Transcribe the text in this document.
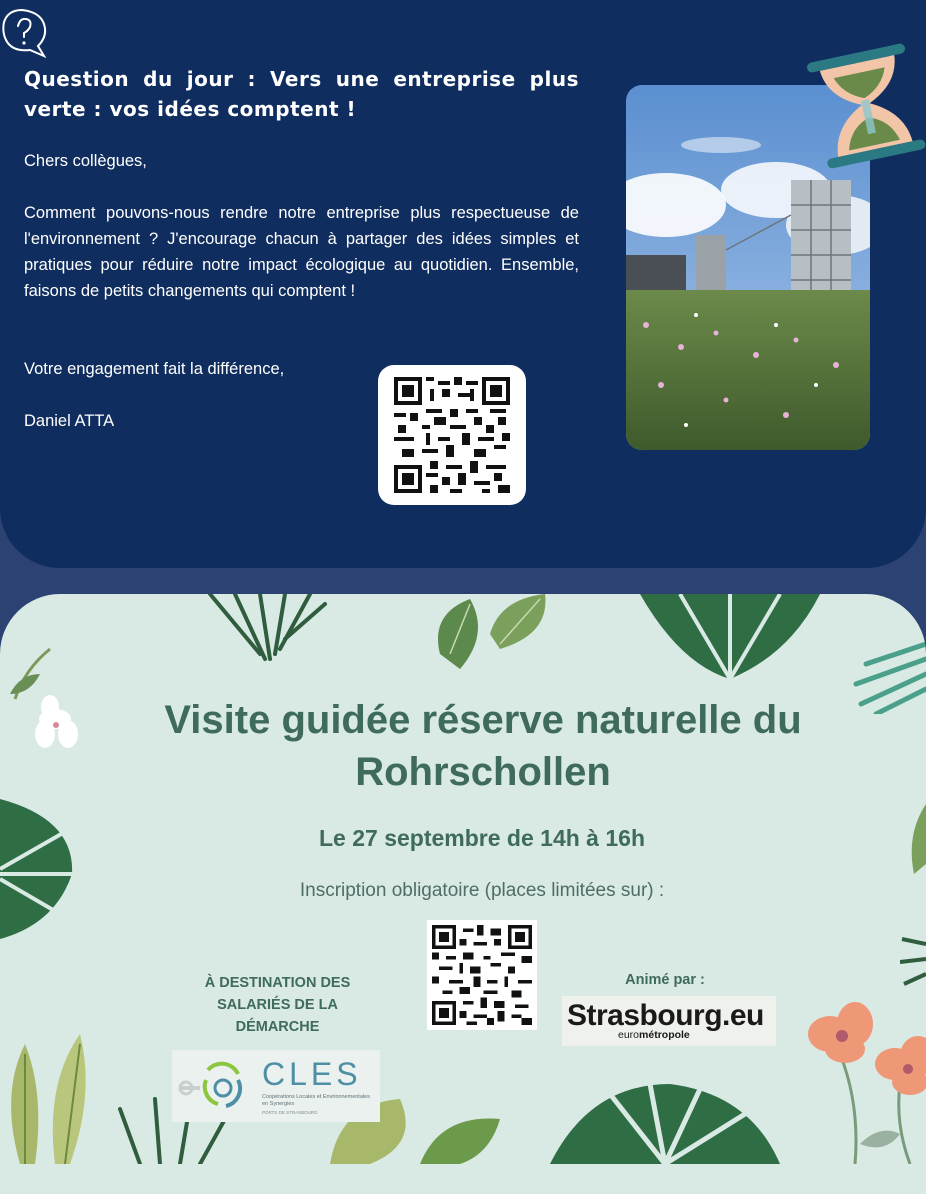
Question du jour : Vers une entreprise plus
verte : vos idées comptent !
Chers collègues,
Comment pouvons-nous rendre notre entreprise plus respectueuse de l'environnement ? J'encourage chacun à partager des idées simples et pratiques pour réduire notre impact écologique au quotidien. Ensemble, faisons de petits changements qui comptent !
Votre engagement fait la différence,
Daniel ATTA
Visite guidée réserve naturelle du Rohrschollen
Le 27 septembre de 14h à 16h
Inscription obligatoire (places limitées sur) :
À DESTINATION DES SALARIÉS DE LA DÉMARCHE
CLES
Coopérations Locales et Environnementales en Synergies
PORTS DE STRASBOURG
Animé par :
Strasbourg.eu
eurométropole
